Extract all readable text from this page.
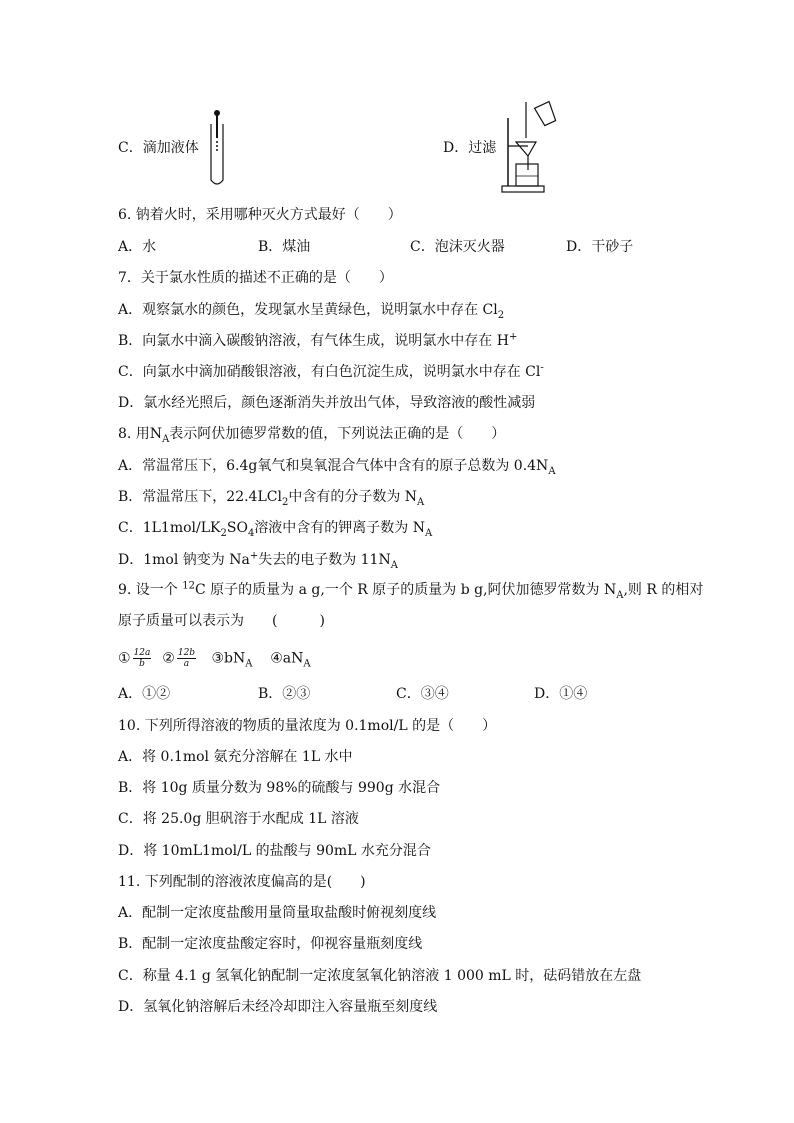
C．滴加液体	D．过滤
6. 钠着火时，采用哪种灭火方式最好（　　）
A．水	B．煤油	C．泡沫灭火器	D．干砂子
7．关于氯水性质的描述不正确的是（　　）
A．观察氯水的颜色，发现氯水呈黄绿色，说明氯水中存在 $Cl_2$
B．向氯水中滴入碳酸钠溶液，有气体生成，说明氯水中存在 H+
C．向氯水中滴加硝酸银溶液，有白色沉淀生成，说明氯水中存在 Cl-
D．氯水经光照后，颜色逐渐消失并放出气体，导致溶液的酸性减弱
8. 用$N_A$表示阿伏加德罗常数的值，下列说法正确的是（　　）
A．常温常压下，6.4g氧气和臭氧混合气体中含有的原子总数为 $0.4N_A$
B．常温常压下，22.4LCl$_2$中含有的分子数为 $N_A$
C．$1L1mol/LK_2SO_4$溶液中含有的钾离子数为 $N_A$
D．1mol 钠变为 Na+失去的电子数为 $11N_A$
9. 设一个 $^{12}$C 原子的质量为 a g,一个 R 原子的质量为 b g,阿伏加德罗常数为 $N_A$,则 R 的相对
原子质量可以表示为　　(　　　)
① $\frac{12a}{b}$ ② $\frac{12b}{a}$ $③bN_A$ $④aN_A$
A．①②	B．②③	C．③④	D．①④
10. 下列所得溶液的物质的量浓度为 0.1mol/L 的是（　　）
A．将 0.1mol 氨充分溶解在 1L 水中
B．将 10g 质量分数为 98%的硫酸与 990g 水混合
C．将 25.0g 胆矾溶于水配成 1L 溶液
D．将 10mL1mol/L 的盐酸与 90mL 水充分混合
11. 下列配制的溶液浓度偏高的是(　　)
A．配制一定浓度盐酸用量筒量取盐酸时俯视刻度线
B．配制一定浓度盐酸定容时，仰视容量瓶刻度线
C．称量 4.1 g 氢氧化钠配制一定浓度氢氧化钠溶液 1 000 mL 时，砝码错放在左盘
D．氢氧化钠溶解后未经冷却即注入容量瓶至刻度线
